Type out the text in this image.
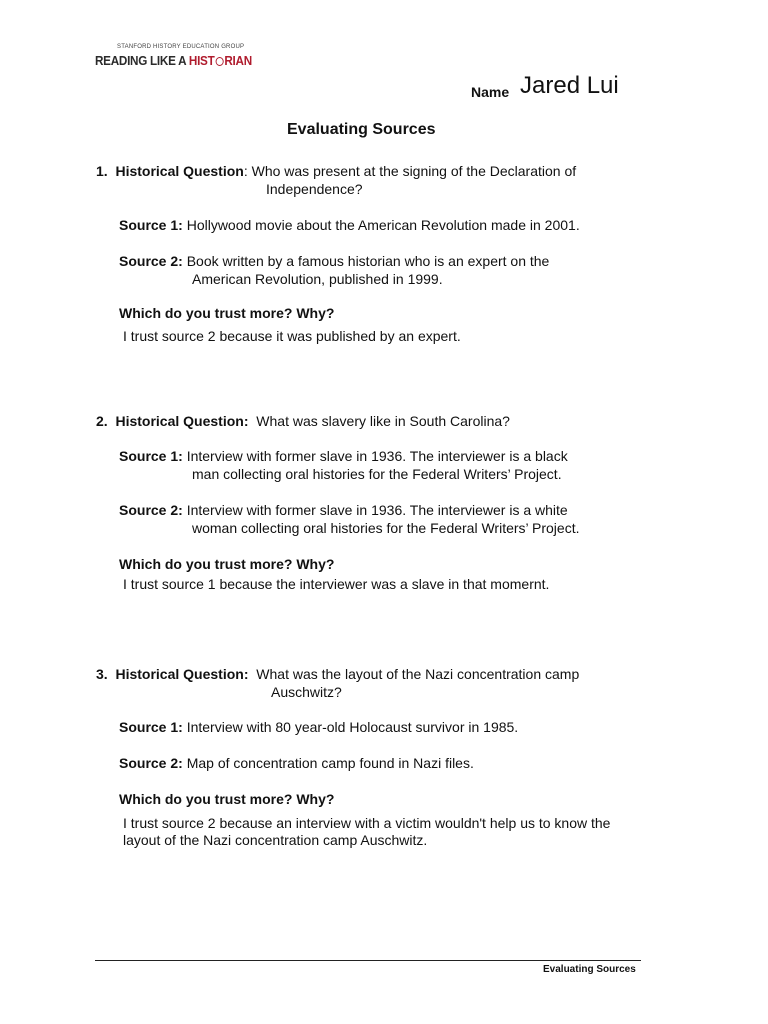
STANFORD HISTORY EDUCATION GROUP
READING LIKE A HIST RIAN
Name Jared Lui
Evaluating Sources
1. Historical Question: Who was present at the signing of the Declaration of
Independence?
Source 1: Hollywood movie about the American Revolution made in 2001.
Source 2: Book written by a famous historian who is an expert on the
American Revolution, published in 1999.
Which do you trust more? Why?
I trust source 2 because it was published by an expert.
2. Historical Question: What was slavery like in South Carolina?
Source 1: Interview with former slave in 1936. The interviewer is a black
man collecting oral histories for the Federal Writers’ Project.
Source 2: Interview with former slave in 1936. The interviewer is a white
woman collecting oral histories for the Federal Writers’ Project.
Which do you trust more? Why?
I trust source 1 because the interviewer was a slave in that momernt.
3. Historical Question: What was the layout of the Nazi concentration camp
Auschwitz?
Source 1: Interview with 80 year-old Holocaust survivor in 1985.
Source 2: Map of concentration camp found in Nazi files.
Which do you trust more? Why?
I trust source 2 because an interview with a victim wouldn't help us to know the
layout of the Nazi concentration camp Auschwitz.
Evaluating Sources
